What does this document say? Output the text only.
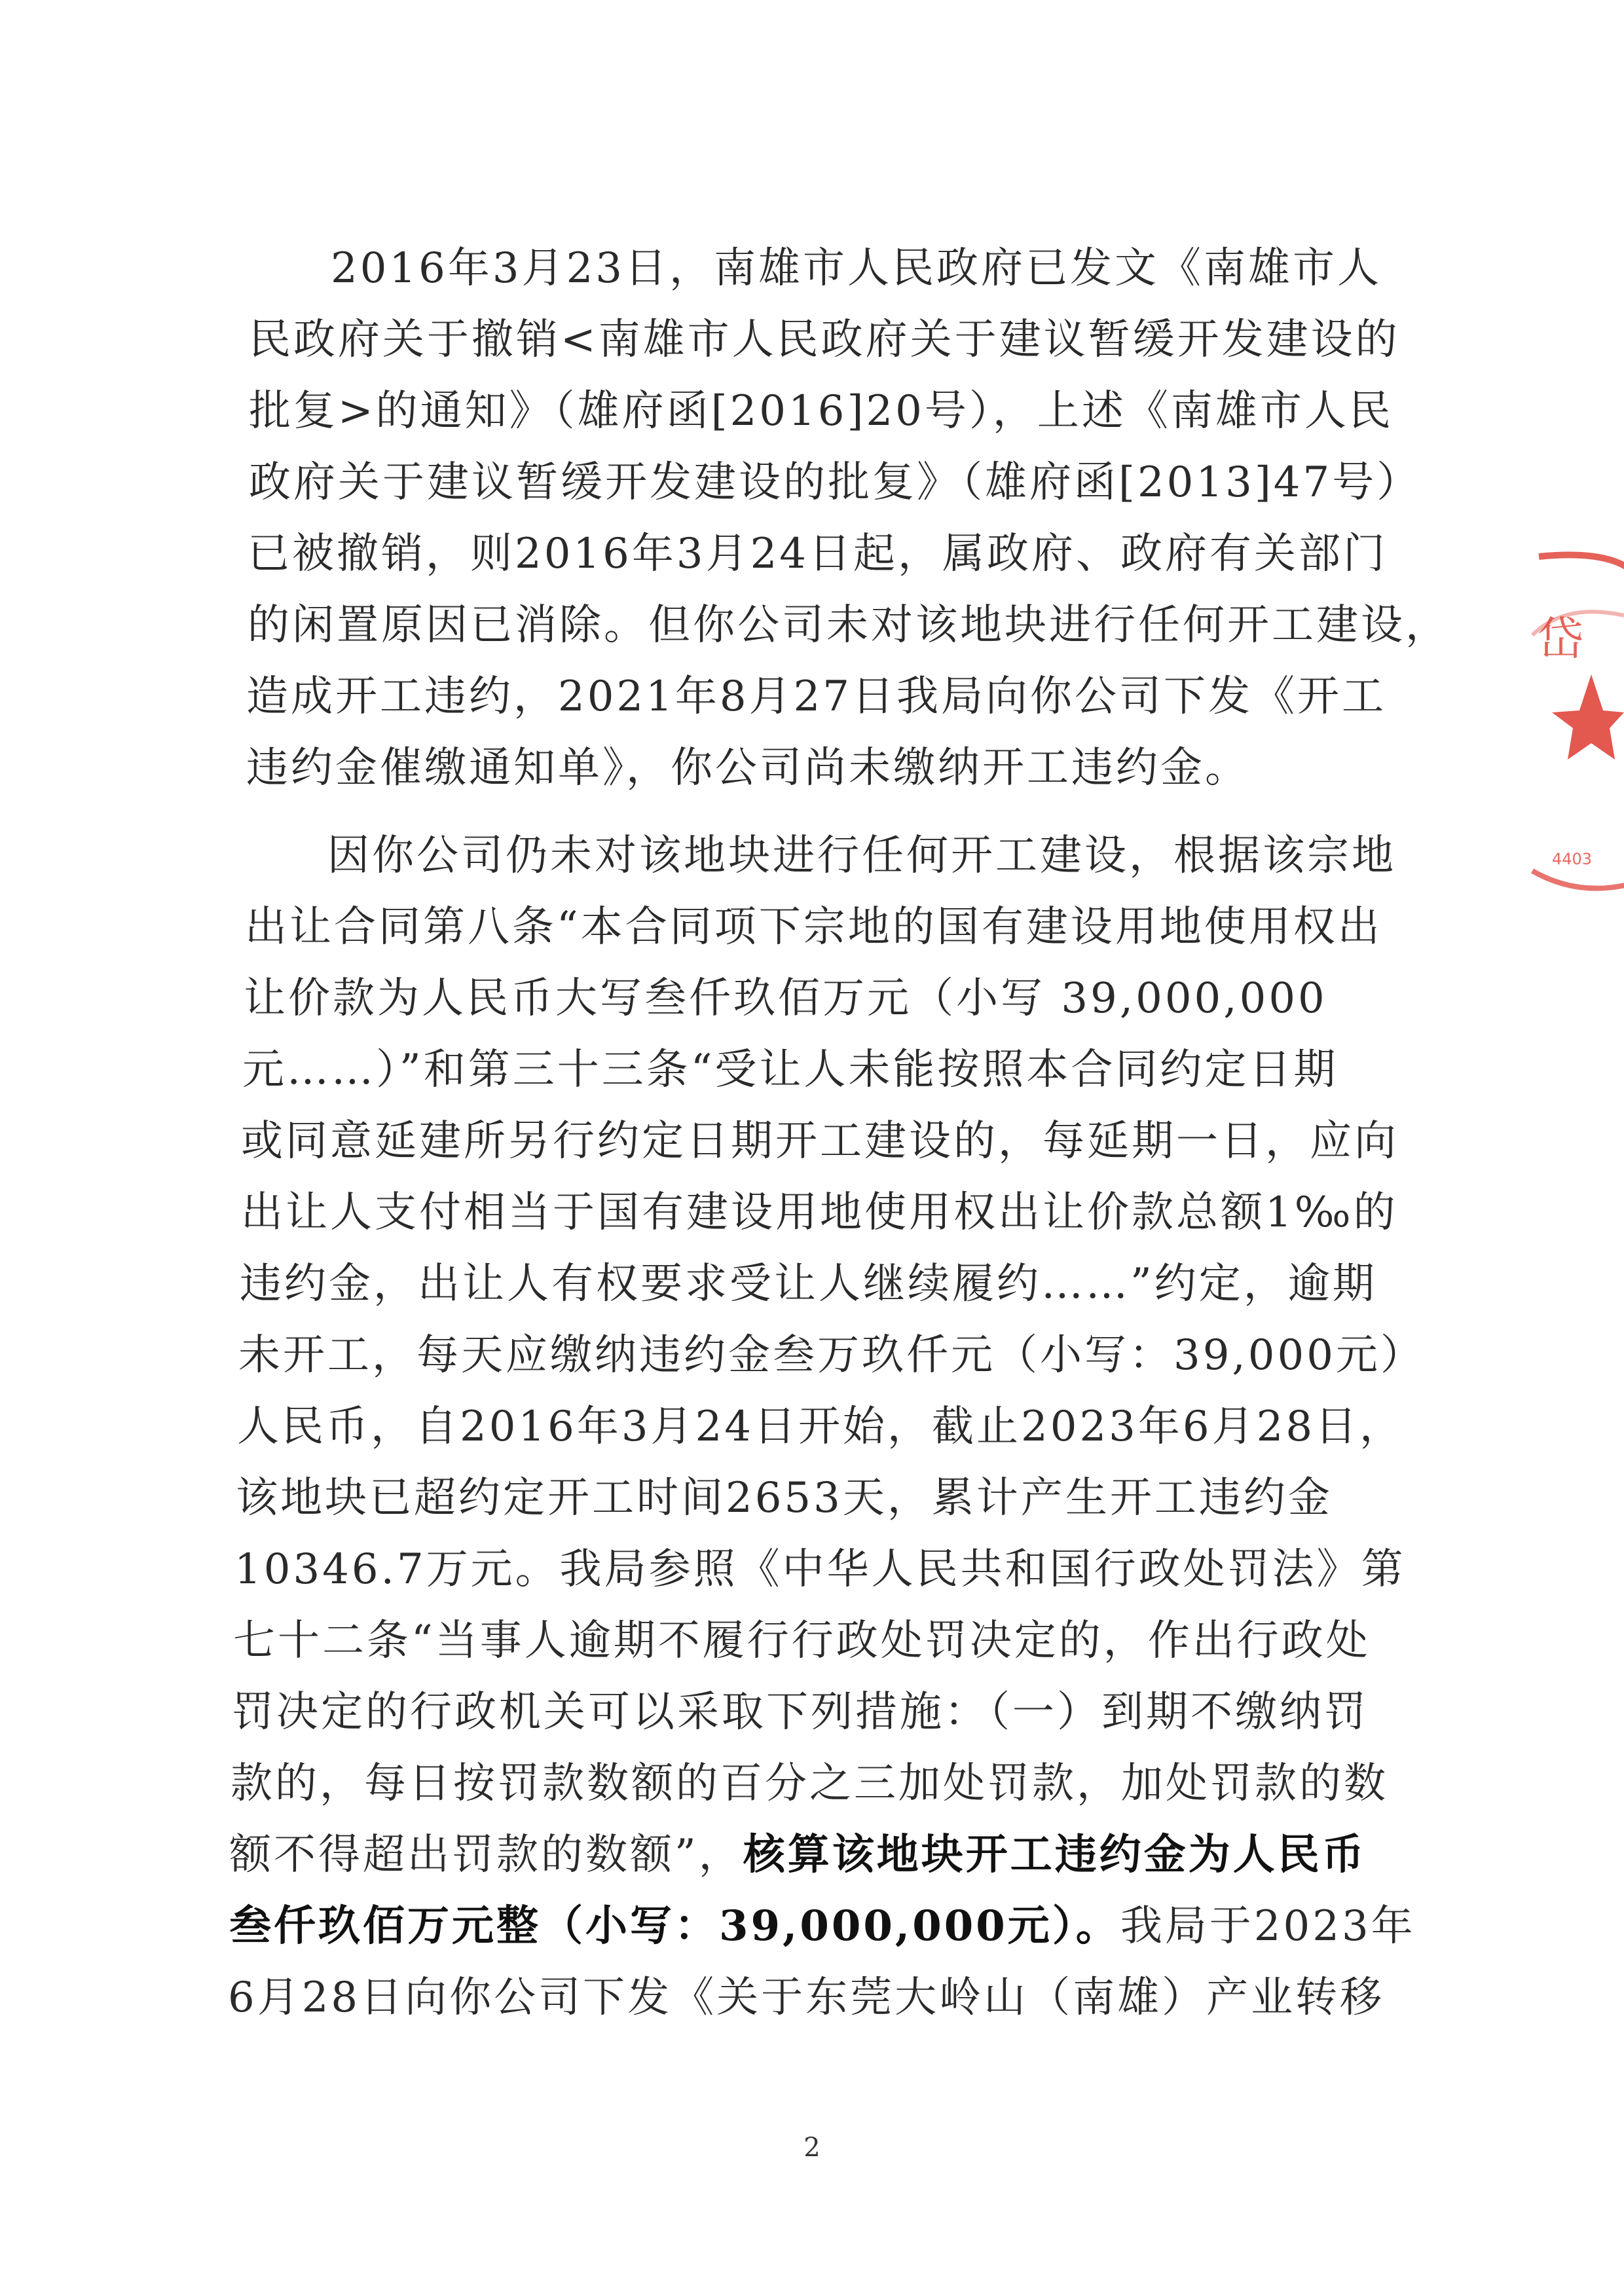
2016年3月23日，南雄市人民政府已发文《南雄市人
民政府关于撤销<南雄市人民政府关于建议暂缓开发建设的
批复>的通知》（雄府函[2016]20号），上述《南雄市人民
政府关于建议暂缓开发建设的批复》（雄府函[2013]47号）
已被撤销，则2016年3月24日起，属政府、政府有关部门
的闲置原因已消除。但你公司未对该地块进行任何开工建设，
造成开工违约，2021年8月27日我局向你公司下发《开工
违约金催缴通知单》，你公司尚未缴纳开工违约金。
因你公司仍未对该地块进行任何开工建设，根据该宗地
出让合同第八条“本合同项下宗地的国有建设用地使用权出
让价款为人民币大写叁仟玖佰万元（小写 39,000,000
元……）”和第三十三条“受让人未能按照本合同约定日期
或同意延建所另行约定日期开工建设的，每延期一日，应向
出让人支付相当于国有建设用地使用权出让价款总额1‰的
违约金，出让人有权要求受让人继续履约……”约定，逾期
未开工，每天应缴纳违约金叁万玖仟元（小写：39,000元）
人民币，自2016年3月24日开始，截止2023年6月28日，
该地块已超约定开工时间2653天，累计产生开工违约金
10346.7万元。我局参照《中华人民共和国行政处罚法》第
七十二条“当事人逾期不履行行政处罚决定的，作出行政处
罚决定的行政机关可以采取下列措施：（一）到期不缴纳罚
款的，每日按罚款数额的百分之三加处罚款，加处罚款的数
额不得超出罚款的数额”，核算该地块开工违约金为人民币
叁仟玖佰万元整（小写：39,000,000元）。我局于2023年
6月28日向你公司下发《关于东莞大岭山（南雄）产业转移
2
岱
4403
